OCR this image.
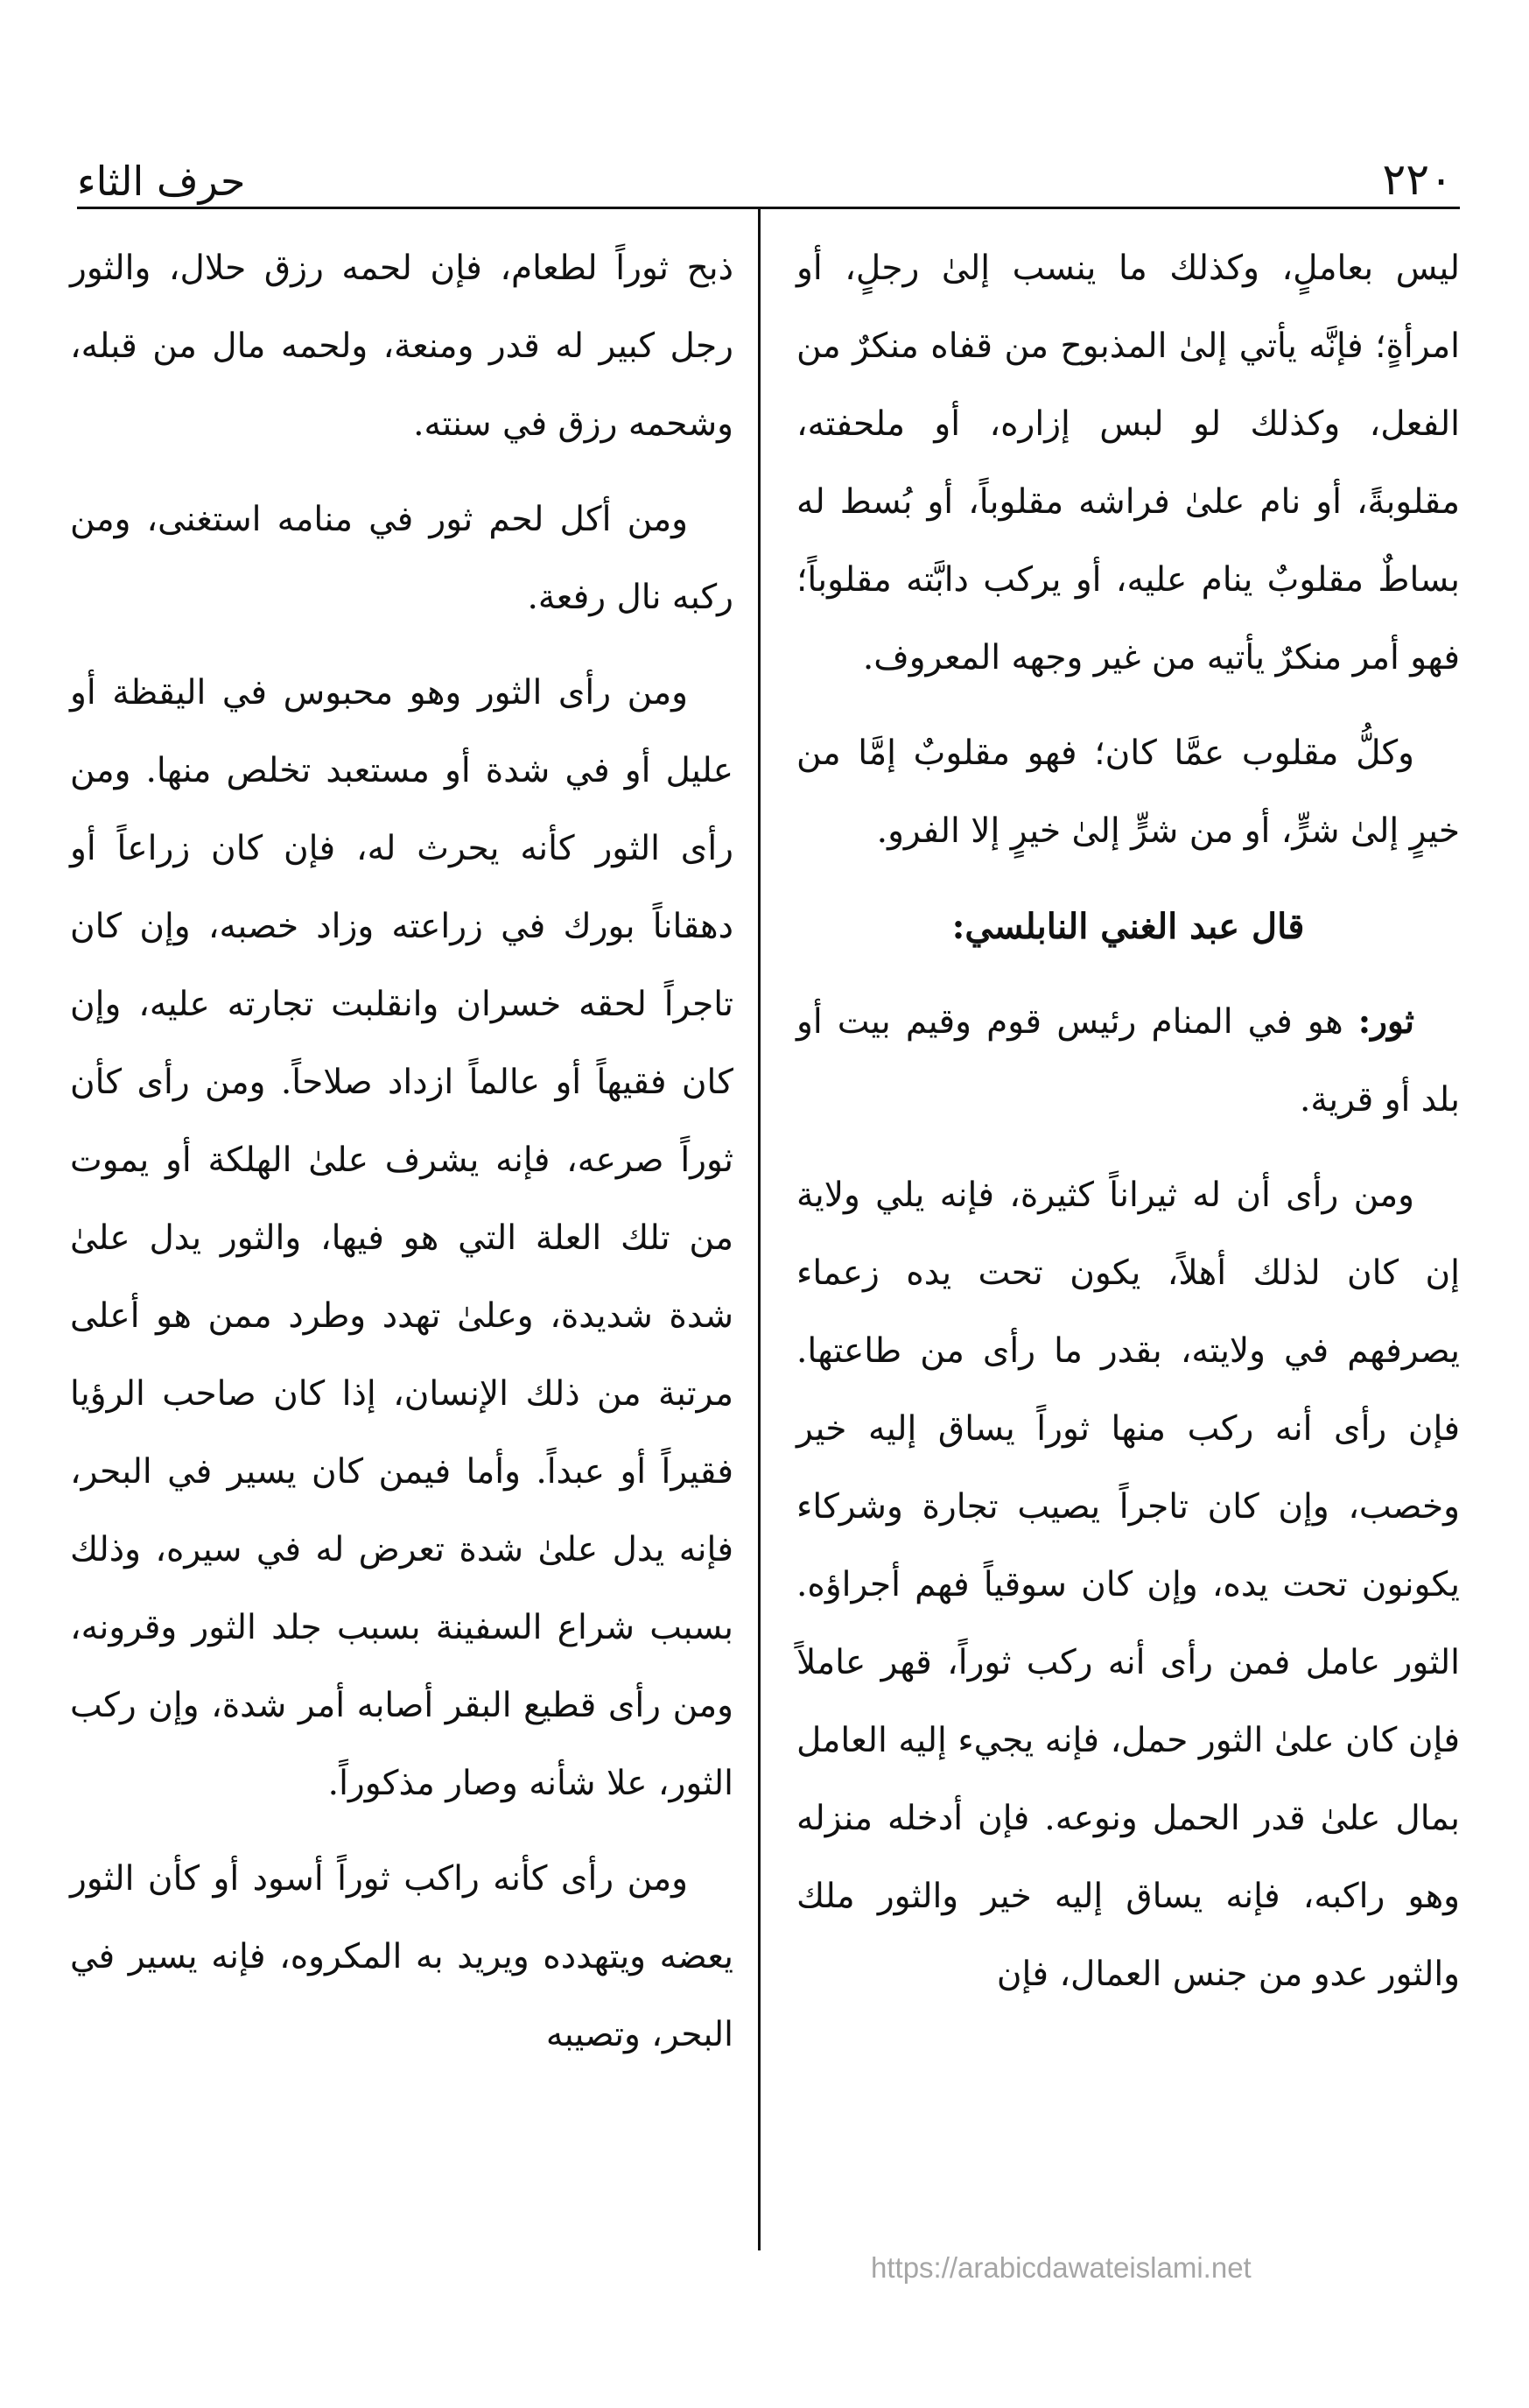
٢٢٠
حرف الثاء

ليس بعاملٍ، وكذلك ما ينسب إلىٰ رجلٍ، أو امرأةٍ؛ فإنَّه يأتي إلىٰ المذبوح من قفاه منكرٌ من الفعل، وكذلك لو لبس إزاره، أو ملحفته، مقلوبةً، أو نام علىٰ فراشه مقلوباً، أو بُسط له بساطٌ مقلوبٌ ينام عليه، أو يركب دابَّته مقلوباً؛ فهو أمر منكرٌ يأتيه من غير وجهه المعروف.

وكلُّ مقلوب عمَّا كان؛ فهو مقلوبٌ إمَّا من خيرٍ إلىٰ شرٍّ، أو من شرٍّ إلىٰ خيرٍ إلا الفرو.

قال عبد الغني النابلسي:

ثور: هو في المنام رئيس قوم وقيم بيت أو بلد أو قرية.

ومن رأى أن له ثيراناً كثيرة، فإنه يلي ولاية إن كان لذلك أهلاً، يكون تحت يده زعماء يصرفهم في ولايته، بقدر ما رأى من طاعتها. فإن رأى أنه ركب منها ثوراً يساق إليه خير وخصب، وإن كان تاجراً يصيب تجارة وشركاء يكونون تحت يده، وإن كان سوقياً فهم أجراؤه. الثور عامل فمن رأى أنه ركب ثوراً، قهر عاملاً فإن كان علىٰ الثور حمل، فإنه يجيء إليه العامل بمال علىٰ قدر الحمل ونوعه. فإن أدخله منزله وهو راكبه، فإنه يساق إليه خير والثور ملك والثور عدو من جنس العمال، فإن

ذبح ثوراً لطعام، فإن لحمه رزق حلال، والثور رجل كبير له قدر ومنعة، ولحمه مال من قبله، وشحمه رزق في سنته.

ومن أكل لحم ثور في منامه استغنى، ومن ركبه نال رفعة.

ومن رأى الثور وهو محبوس في اليقظة أو عليل أو في شدة أو مستعبد تخلص منها. ومن رأى الثور كأنه يحرث له، فإن كان زراعاً أو دهقاناً بورك في زراعته وزاد خصبه، وإن كان تاجراً لحقه خسران وانقلبت تجارته عليه، وإن كان فقيهاً أو عالماً ازداد صلاحاً. ومن رأى كأن ثوراً صرعه، فإنه يشرف علىٰ الهلكة أو يموت من تلك العلة التي هو فيها، والثور يدل علىٰ شدة شديدة، وعلىٰ تهدد وطرد ممن هو أعلى مرتبة من ذلك الإنسان، إذا كان صاحب الرؤيا فقيراً أو عبداً. وأما فيمن كان يسير في البحر، فإنه يدل علىٰ شدة تعرض له في سيره، وذلك بسبب شراع السفينة بسبب جلد الثور وقرونه، ومن رأى قطيع البقر أصابه أمر شدة، وإن ركب الثور، علا شأنه وصار مذكوراً.

ومن رأى كأنه راكب ثوراً أسود أو كأن الثور يعضه ويتهدده ويريد به المكروه، فإنه يسير في البحر، وتصيبه

https://arabicdawateislami.net
